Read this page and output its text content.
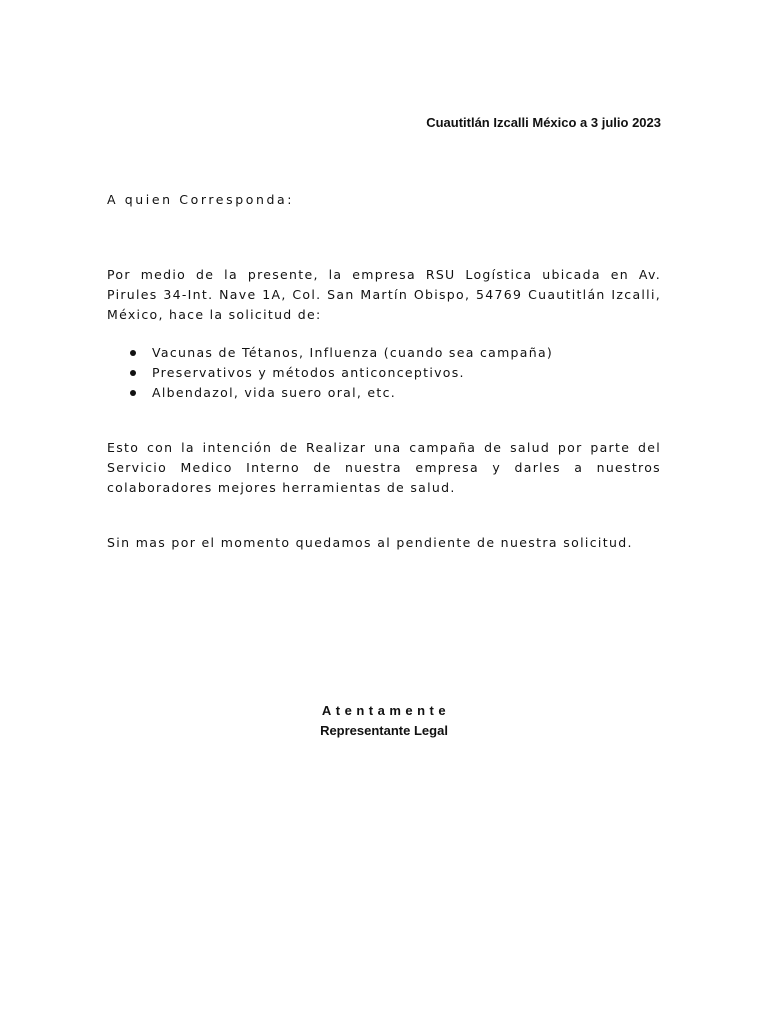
Cuautitlán Izcalli México a 3 julio 2023
A quien Corresponda:

Por medio de la presente, la empresa RSU Logística ubicada en Av. Pirules 34-Int. Nave 1A, Col. San Martín Obispo, 54769 Cuautitlán Izcalli, México, hace la solicitud de:

Vacunas de Tétanos, Influenza (cuando sea campaña)
Preservativos y métodos anticonceptivos.
Albendazol, vida suero oral, etc.

Esto con la intención de Realizar una campaña de salud por parte del Servicio Medico Interno de nuestra empresa y darles a nuestros colaboradores mejores herramientas de salud.

Sin mas por el momento quedamos al pendiente de nuestra solicitud.

Atentamente
Representante Legal
